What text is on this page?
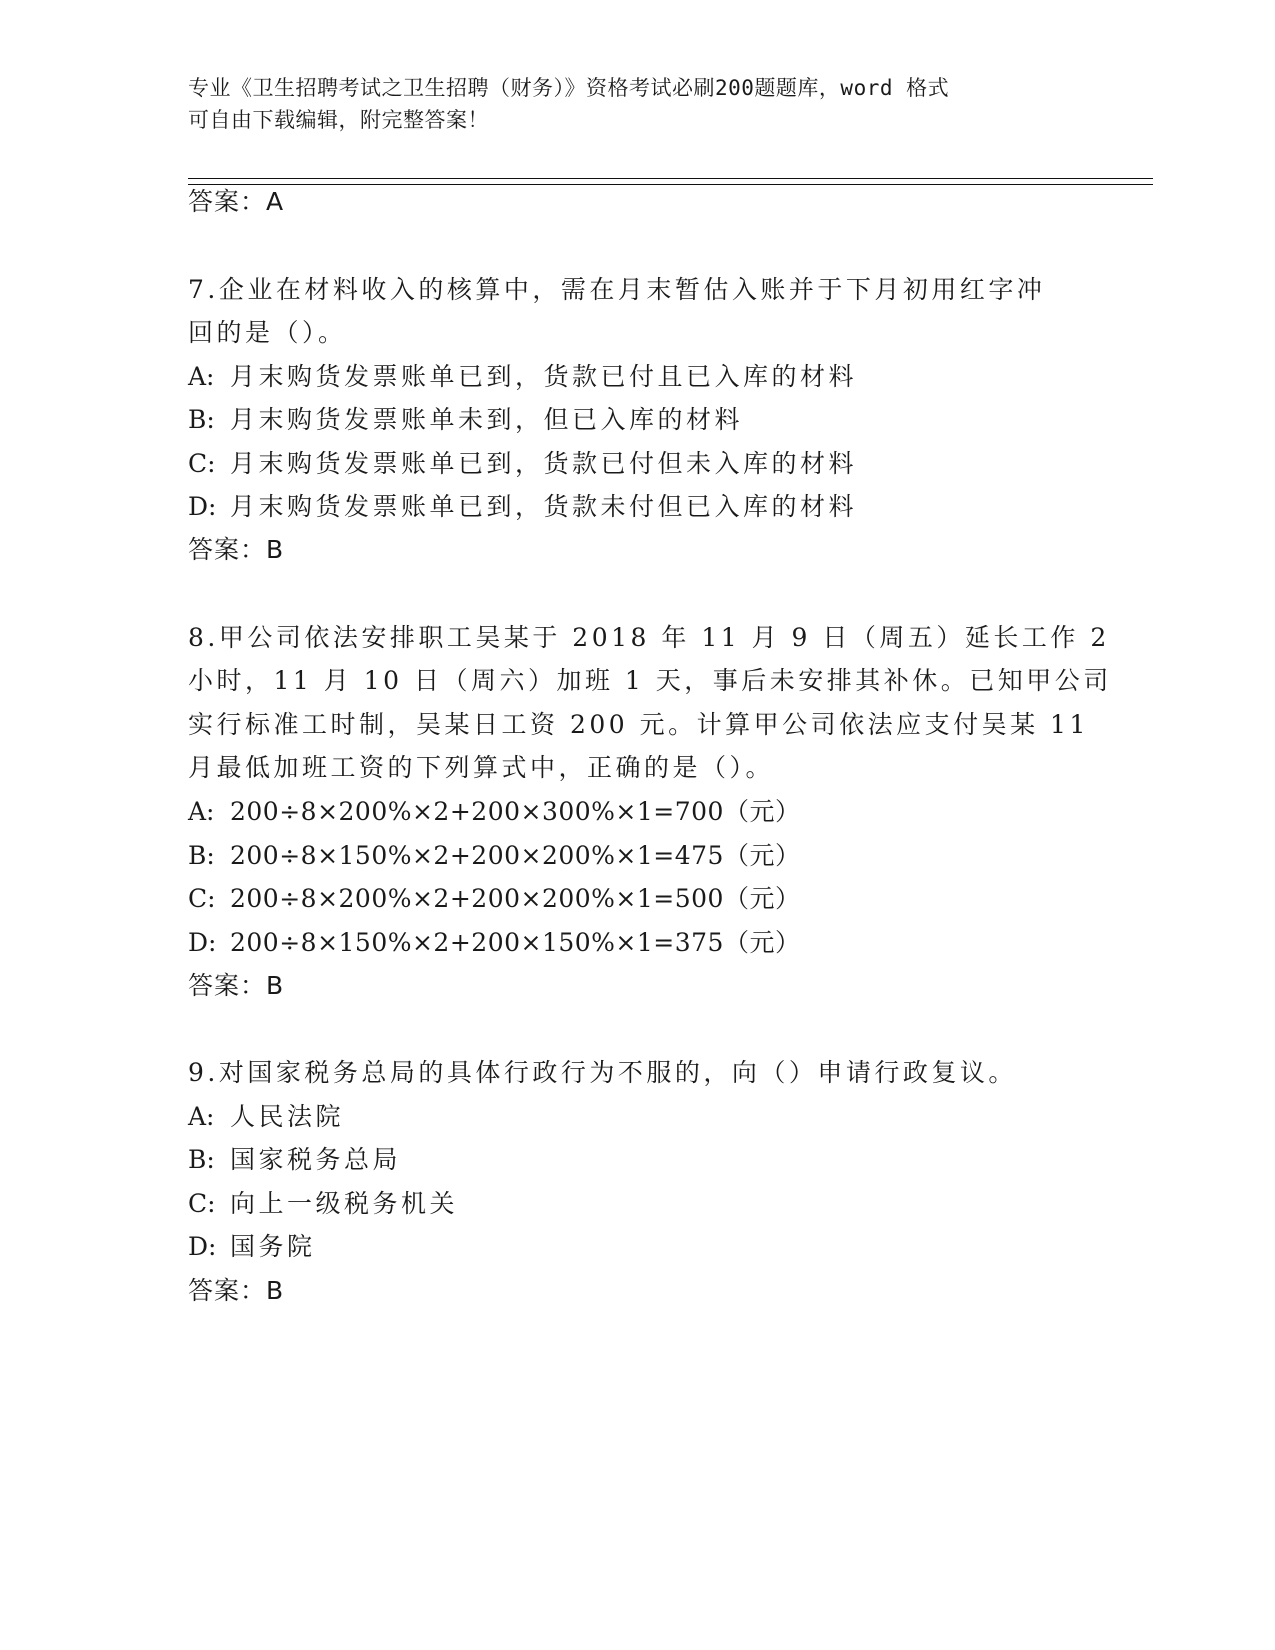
专业《卫生招聘考试之卫生招聘（财务）》资格考试必刷200题题库，word 格式
可自由下载编辑，附完整答案！
答案：A
7.企业在材料收入的核算中，需在月末暂估入账并于下月初用红字冲
回的是（）。
A: 月末购货发票账单已到，货款已付且已入库的材料
B: 月末购货发票账单未到，但已入库的材料
C: 月末购货发票账单已到，货款已付但未入库的材料
D: 月末购货发票账单已到，货款未付但已入库的材料
答案：B
8.甲公司依法安排职工吴某于 2018 年 11 月 9 日（周五）延长工作 2
小时，11 月 10 日（周六）加班 1 天，事后未安排其补休。已知甲公司
实行标准工时制，吴某日工资 200 元。计算甲公司依法应支付吴某 11
月最低加班工资的下列算式中，正确的是（）。
A: 200÷8×200%×2+200×300%×1=700（元）
B: 200÷8×150%×2+200×200%×1=475（元）
C: 200÷8×200%×2+200×200%×1=500（元）
D: 200÷8×150%×2+200×150%×1=375（元）
答案：B
9.对国家税务总局的具体行政行为不服的，向（）申请行政复议。
A: 人民法院
B: 国家税务总局
C: 向上一级税务机关
D: 国务院
答案：B
